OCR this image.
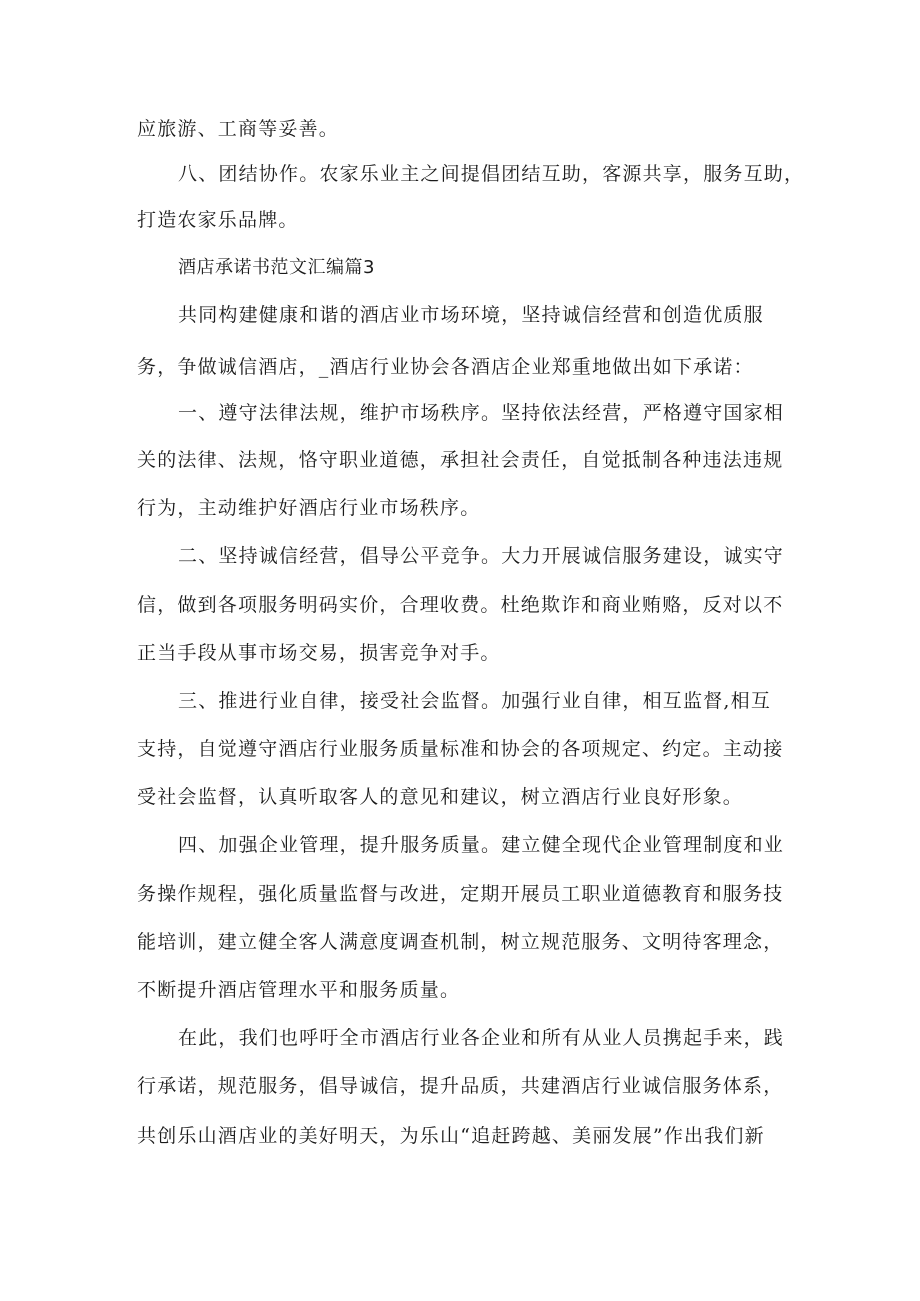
应旅游、工商等妥善。
八、团结协作。农家乐业主之间提倡团结互助，客源共享，服务互助，
打造农家乐品牌。
酒店承诺书范文汇编篇3
共同构建健康和谐的酒店业市场环境，坚持诚信经营和创造优质服
务，争做诚信酒店，_酒店行业协会各酒店企业郑重地做出如下承诺：
一、遵守法律法规，维护市场秩序。坚持依法经营，严格遵守国家相
关的法律、法规，恪守职业道德，承担社会责任，自觉抵制各种违法违规
行为，主动维护好酒店行业市场秩序。
二、坚持诚信经营，倡导公平竞争。大力开展诚信服务建设，诚实守
信，做到各项服务明码实价，合理收费。杜绝欺诈和商业贿赂，反对以不
正当手段从事市场交易，损害竞争对手。
三、推进行业自律，接受社会监督。加强行业自律，相互监督,相互
支持，自觉遵守酒店行业服务质量标准和协会的各项规定、约定。主动接
受社会监督，认真听取客人的意见和建议，树立酒店行业良好形象。
四、加强企业管理，提升服务质量。建立健全现代企业管理制度和业
务操作规程，强化质量监督与改进，定期开展员工职业道德教育和服务技
能培训，建立健全客人满意度调查机制，树立规范服务、文明待客理念，
不断提升酒店管理水平和服务质量。
在此，我们也呼吁全市酒店行业各企业和所有从业人员携起手来，践
行承诺，规范服务，倡导诚信，提升品质，共建酒店行业诚信服务体系，
共创乐山酒店业的美好明天，为乐山“追赶跨越、美丽发展”作出我们新
